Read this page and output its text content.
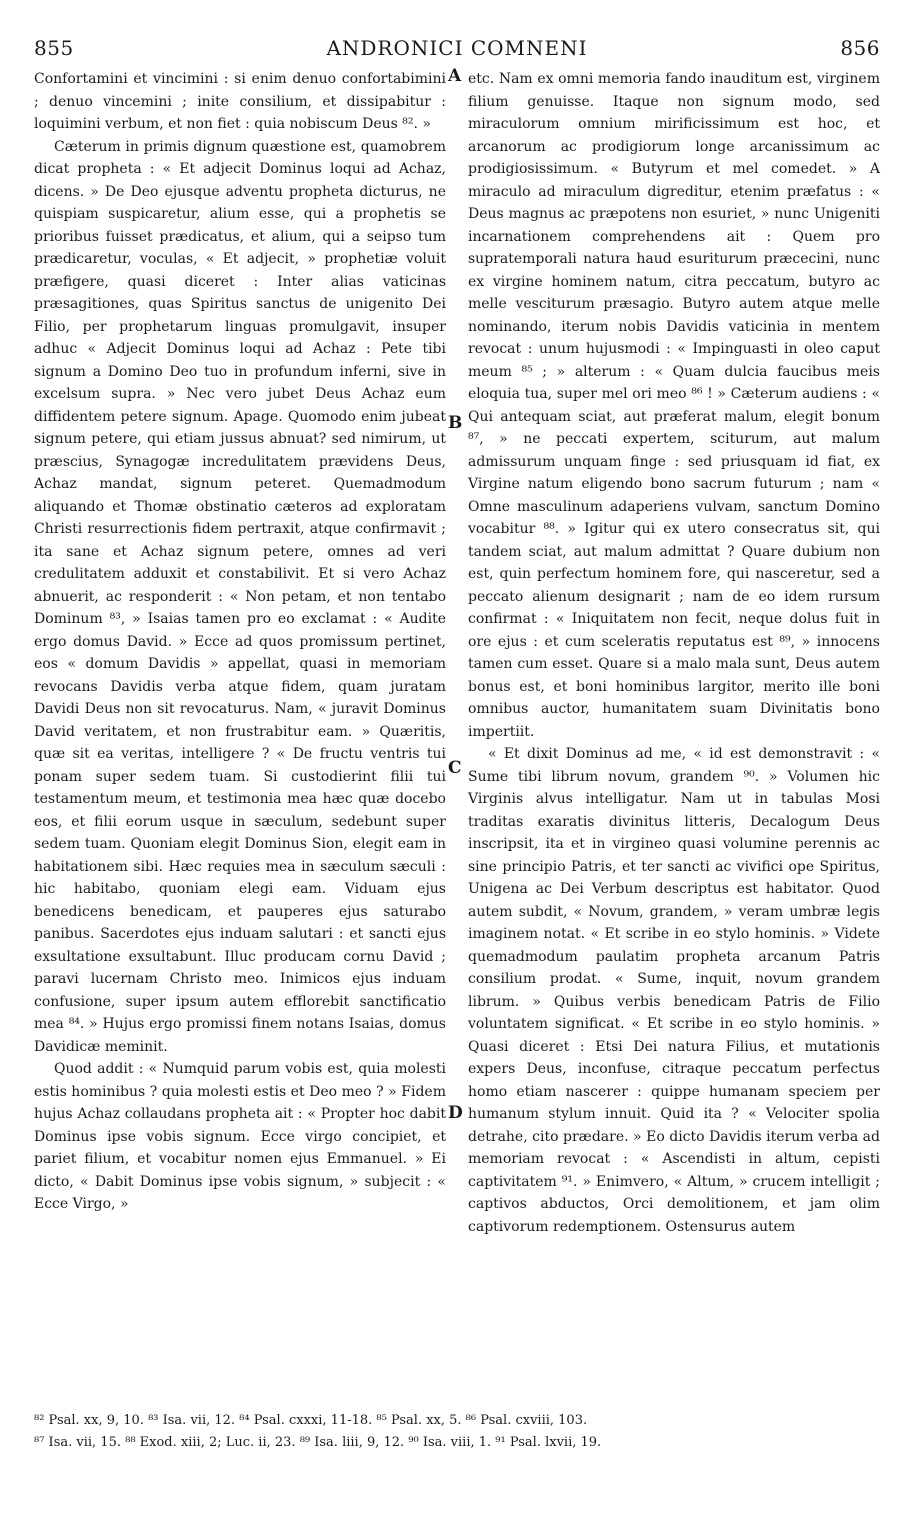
855	ANDRONICI COMNENI	856

Confortamini et vincimini : si enim denuo confortabimini ; denuo vincemini ; inite consilium, et dissipabitur : loquimini verbum, et non fiet : quia nobiscum Deus ⁸². »

Cæterum in primis dignum quæstione est, quamobrem dicat propheta : « Et adjecit Dominus loqui ad Achaz, dicens. » De Deo ejusque adventu propheta dicturus, ne quispiam suspicaretur, alium esse, qui a prophetis se prioribus fuisset prædicatus, et alium, qui a seipso tum prædicaretur, voculas, « Et adjecit, » prophetiæ voluit præfigere, quasi diceret : Inter alias vaticinas præsagitiones, quas Spiritus sanctus de unigenito Dei Filio, per prophetarum linguas promulgavit, insuper adhuc « Adjecit Dominus loqui ad Achaz : Pete tibi signum a Domino Deo tuo in profundum inferni, sive in excelsum supra. » Nec vero jubet Deus Achaz eum diffidentem petere signum. Apage. Quomodo enim jubeat signum petere, qui etiam jussus abnuat? sed nimirum, ut præscius, Synagogæ incredulitatem prævidens Deus, Achaz mandat, signum peteret. Quemadmodum aliquando et Thomæ obstinatio cæteros ad exploratam Christi resurrectionis fidem pertraxit, atque confirmavit ; ita sane et Achaz signum petere, omnes ad veri credulitatem adduxit et constabilivit. Et si vero Achaz abnuerit, ac responderit : « Non petam, et non tentabo Dominum ⁸³, » Isaias tamen pro eo exclamat : « Audite ergo domus David. » Ecce ad quos promissum pertinet, eos « domum Davidis » appellat, quasi in memoriam revocans Davidis verba atque fidem, quam juratam Davidi Deus non sit revocaturus. Nam, « juravit Dominus David veritatem, et non frustrabitur eam. » Quæritis, quæ sit ea veritas, intelligere ? « De fructu ventris tui ponam super sedem tuam. Si custodierint filii tui testamentum meum, et testimonia mea hæc quæ docebo eos, et filii eorum usque in sæculum, sedebunt super sedem tuam. Quoniam elegit Dominus Sion, elegit eam in habitationem sibi. Hæc requies mea in sæculum sæculi : hic habitabo, quoniam elegi eam. Viduam ejus benedicens benedicam, et pauperes ejus saturabo panibus. Sacerdotes ejus induam salutari : et sancti ejus exsultatione exsultabunt. Illuc producam cornu David ; paravi lucernam Christo meo. Inimicos ejus induam confusione, super ipsum autem efflorebit sanctificatio mea ⁸⁴. » Hujus ergo promissi finem notans Isaias, domus Davidicæ meminit.

Quod addit : « Numquid parum vobis est, quia molesti estis hominibus ? quia molesti estis et Deo meo ? » Fidem hujus Achaz collaudans propheta ait : « Propter hoc dabit Dominus ipse vobis signum. Ecce virgo concipiet, et pariet filium, et vocabitur nomen ejus Emmanuel. » Ei dicto, « Dabit Dominus ipse vobis signum, » subjecit : « Ecce Virgo, »

A
B
C
D

etc. Nam ex omni memoria fando inauditum est, virginem filium genuisse. Itaque non signum modo, sed miraculorum omnium mirificissimum est hoc, et arcanorum ac prodigiorum longe arcanissimum ac prodigiosissimum. « Butyrum et mel comedet. » A miraculo ad miraculum digreditur, etenim præfatus : « Deus magnus ac præpotens non esuriet, » nunc Unigeniti incarnationem comprehendens ait : Quem pro supratemporali natura haud esuriturum præcecini, nunc ex virgine hominem natum, citra peccatum, butyro ac melle vesciturum præsagio. Butyro autem atque melle nominando, iterum nobis Davidis vaticinia in mentem revocat : unum hujusmodi : « Impinguasti in oleo caput meum ⁸⁵ ; » alterum : « Quam dulcia faucibus meis eloquia tua, super mel ori meo ⁸⁶ ! » Cæterum audiens : « Qui antequam sciat, aut præferat malum, elegit bonum ⁸⁷, » ne peccati expertem, sciturum, aut malum admissurum unquam finge : sed priusquam id fiat, ex Virgine natum eligendo bono sacrum futurum ; nam « Omne masculinum adaperiens vulvam, sanctum Domino vocabitur ⁸⁸. » Igitur qui ex utero consecratus sit, qui tandem sciat, aut malum admittat ? Quare dubium non est, quin perfectum hominem fore, qui nasceretur, sed a peccato alienum designarit ; nam de eo idem rursum confirmat : « Iniquitatem non fecit, neque dolus fuit in ore ejus : et cum sceleratis reputatus est ⁸⁹, » innocens tamen cum esset. Quare si a malo mala sunt, Deus autem bonus est, et boni hominibus largitor, merito ille boni omnibus auctor, humanitatem suam Divinitatis bono impertiit.

« Et dixit Dominus ad me, « id est demonstravit : « Sume tibi librum novum, grandem ⁹⁰. » Volumen hic Virginis alvus intelligatur. Nam ut in tabulas Mosi traditas exaratis divinitus litteris, Decalogum Deus inscripsit, ita et in virgineo quasi volumine perennis ac sine principio Patris, et ter sancti ac vivifici ope Spiritus, Unigena ac Dei Verbum descriptus est habitator. Quod autem subdit, « Novum, grandem, » veram umbræ legis imaginem notat. « Et scribe in eo stylo hominis. » Videte quemadmodum paulatim propheta arcanum Patris consilium prodat. « Sume, inquit, novum grandem librum. » Quibus verbis benedicam Patris de Filio voluntatem significat. « Et scribe in eo stylo hominis. » Quasi diceret : Etsi Dei natura Filius, et mutationis expers Deus, inconfuse, citraque peccatum perfectus homo etiam nascerer : quippe humanam speciem per humanum stylum innuit. Quid ita ? « Velociter spolia detrahe, cito prædare. » Eo dicto Davidis iterum verba ad memoriam revocat : « Ascendisti in altum, cepisti captivitatem ⁹¹. » Enimvero, « Altum, » crucem intelligit ; captivos abductos, Orci demolitionem, et jam olim captivorum redemptionem. Ostensurus autem

⁸² Psal. xx, 9, 10. ⁸³ Isa. vii, 12. ⁸⁴ Psal. cxxxi, 11-18. ⁸⁵ Psal. xx, 5. ⁸⁶ Psal. cxviii, 103.
⁸⁷ Isa. vii, 15. ⁸⁸ Exod. xiii, 2; Luc. ii, 23. ⁸⁹ Isa. liii, 9, 12. ⁹⁰ Isa. viii, 1. ⁹¹ Psal. lxvii, 19.
